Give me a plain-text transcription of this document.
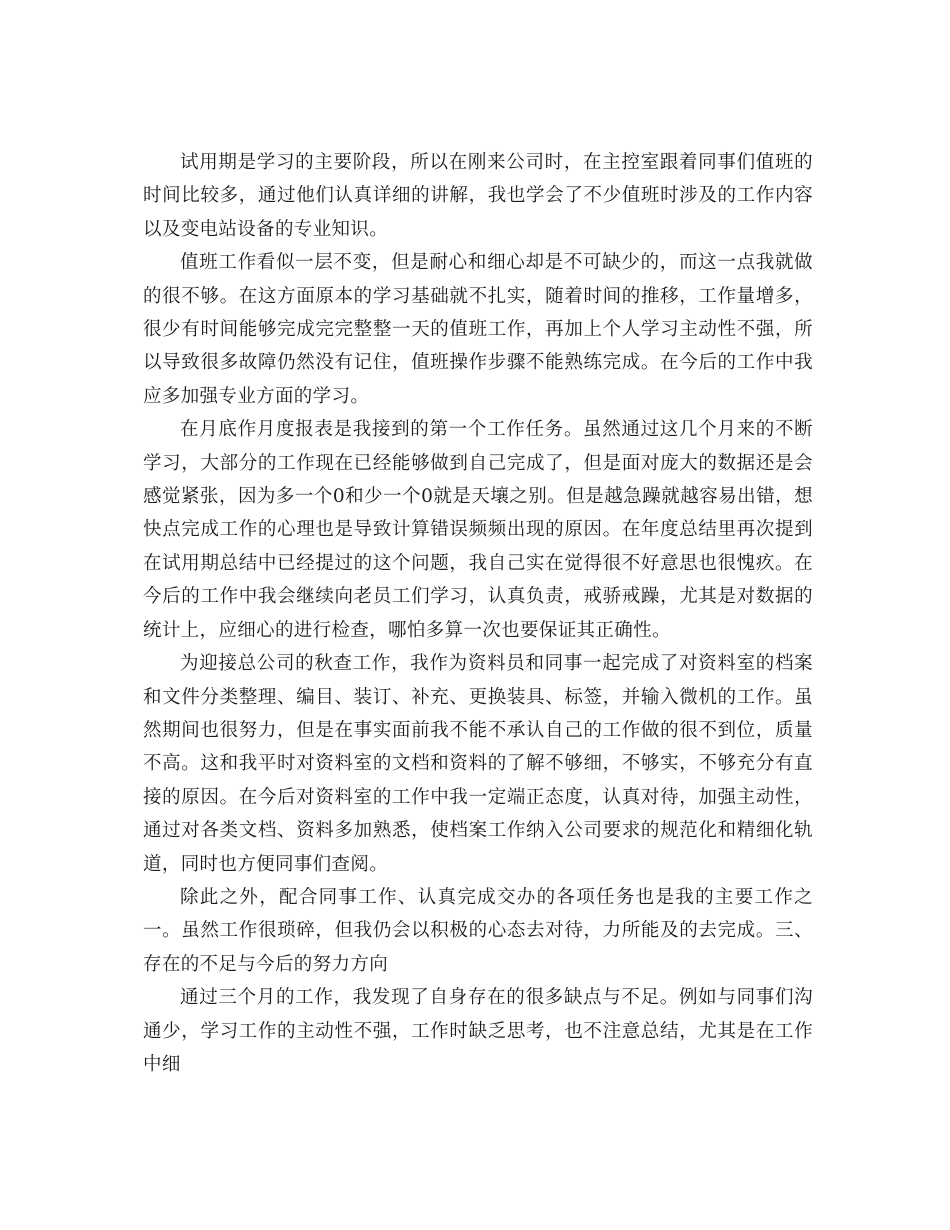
试用期是学习的主要阶段，所以在刚来公司时，在主控室跟着同事们值班的时间比较多，通过他们认真详细的讲解，我也学会了不少值班时涉及的工作内容以及变电站设备的专业知识。

值班工作看似一层不变，但是耐心和细心却是不可缺少的，而这一点我就做的很不够。在这方面原本的学习基础就不扎实，随着时间的推移，工作量增多，很少有时间能够完成完完整整一天的值班工作，再加上个人学习主动性不强，所以导致很多故障仍然没有记住，值班操作步骤不能熟练完成。在今后的工作中我应多加强专业方面的学习。

在月底作月度报表是我接到的第一个工作任务。虽然通过这几个月来的不断学习，大部分的工作现在已经能够做到自己完成了，但是面对庞大的数据还是会感觉紧张，因为多一个0和少一个0就是天壤之别。但是越急躁就越容易出错，想快点完成工作的心理也是导致计算错误频频出现的原因。在年度总结里再次提到在试用期总结中已经提过的这个问题，我自己实在觉得很不好意思也很愧疚。在今后的工作中我会继续向老员工们学习，认真负责，戒骄戒躁，尤其是对数据的统计上，应细心的进行检查，哪怕多算一次也要保证其正确性。

为迎接总公司的秋查工作，我作为资料员和同事一起完成了对资料室的档案和文件分类整理、编目、装订、补充、更换装具、标签，并输入微机的工作。虽然期间也很努力，但是在事实面前我不能不承认自己的工作做的很不到位，质量不高。这和我平时对资料室的文档和资料的了解不够细，不够实，不够充分有直接的原因。在今后对资料室的工作中我一定端正态度，认真对待，加强主动性，通过对各类文档、资料多加熟悉，使档案工作纳入公司要求的规范化和精细化轨道，同时也方便同事们查阅。

除此之外，配合同事工作、认真完成交办的各项任务也是我的主要工作之一。虽然工作很琐碎，但我仍会以积极的心态去对待，力所能及的去完成。三、存在的不足与今后的努力方向

通过三个月的工作，我发现了自身存在的很多缺点与不足。例如与同事们沟通少，学习工作的主动性不强，工作时缺乏思考，也不注意总结，尤其是在工作中细
